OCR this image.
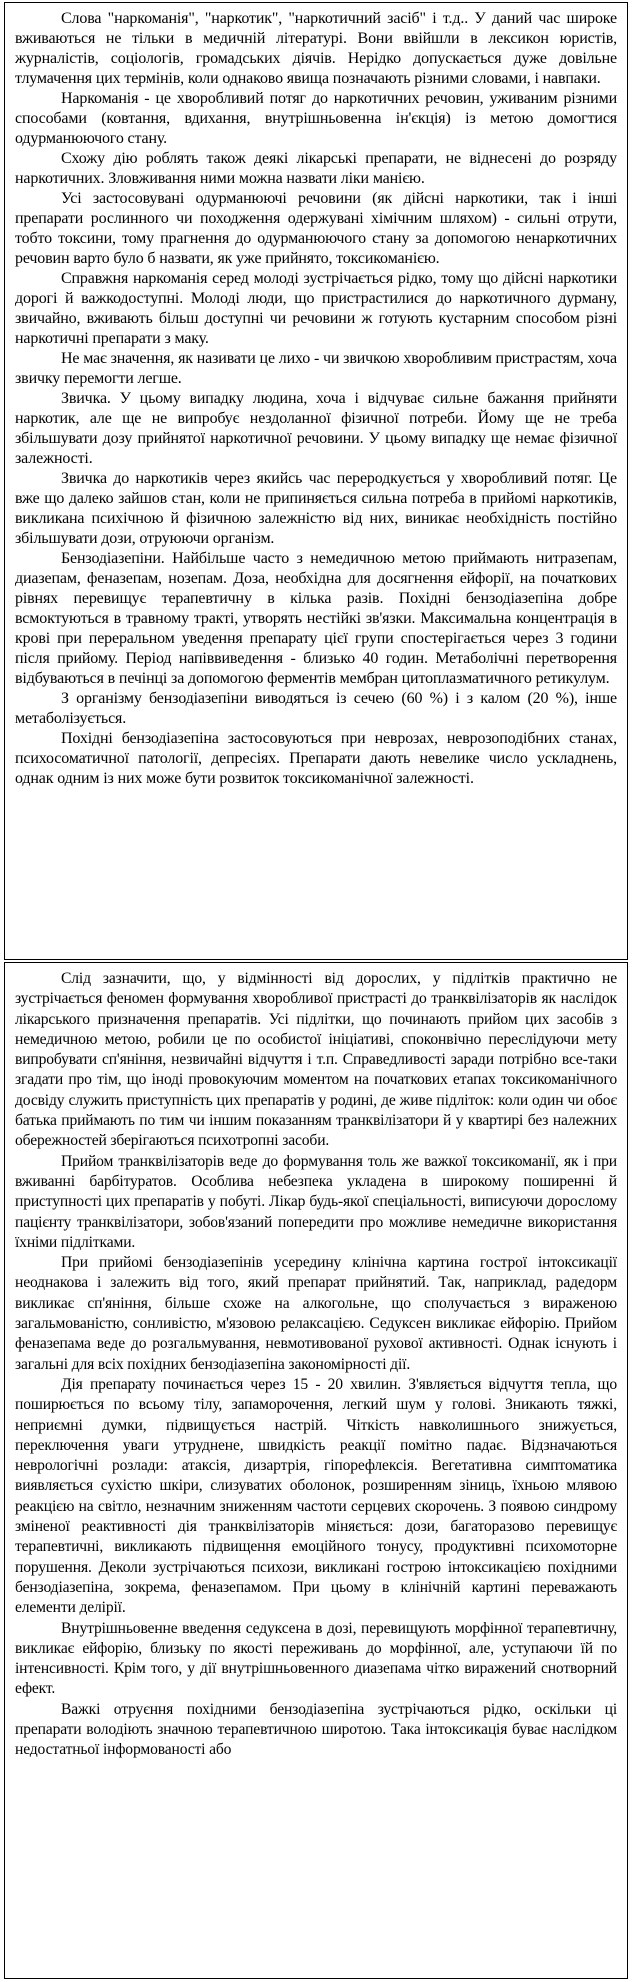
Слова "наркоманія", "наркотик", "наркотичний засіб" і т.д.. У даний час широке вживаються не тільки в медичній літературі. Вони ввійшли в лексикон юристів, журналістів, соціологів, громадських діячів. Нерідко допускається дуже довільне тлумачення цих термінів, коли однаково явища позначають різними словами, і навпаки.

Наркоманія - це хворобливий потяг до наркотичних речовин, уживаним різними способами (ковтання, вдихання, внутрішньовенна ін'єкція) із метою домогтися одурманюючого стану.

Схожу дію роблять також деякі лікарські препарати, не віднесені до розряду наркотичних. Зловживання ними можна назвати ліки манією.

Усі застосовувані одурманюючі речовини (як дійсні наркотики, так і інші препарати рослинного чи походження одержувані хімічним шляхом) - сильні отрути, тобто токсини, тому прагнення до одурманюючого стану за допомогою ненаркотичних речовин варто було б назвати, як уже прийнято, токсикоманією.

Справжня наркоманія серед молоді зустрічається рідко, тому що дійсні наркотики дорогі й важкодоступні. Молоді люди, що пристрастилися до наркотичного дурману, звичайно, вживають більш доступні чи речовини ж готують кустарним способом різні наркотичні препарати з маку.

Не має значення, як називати це лихо - чи звичкою хворобливим пристрастям, хоча звичку перемогти легше.

Звичка. У цьому випадку людина, хоча і відчуває сильне бажання прийняти наркотик, але ще не випробує нездоланної фізичної потреби. Йому ще не треба збільшувати дозу прийнятої наркотичної речовини. У цьому випадку ще немає фізичної залежності.

Звичка до наркотиків через якийсь час переродкується у хворобливий потяг. Це вже що далеко зайшов стан, коли не припиняється сильна потреба в прийомі наркотиків, викликана психічною й фізичною залежністю від них, виникає необхідність постійно збільшувати дози, отруюючи організм.

Бензодіазепіни. Найбільше часто з немедичною метою приймають нитразепам, диазепам, феназепам, нозепам. Доза, необхідна для досягнення ейфорії, на початкових рівнях перевищує терапевтичну в кілька разів. Похідні бензодіазепіна добре всмоктуються в травному тракті, утворять нестійкі зв'язки. Максимальна концентрація в крові при перерaльном уведення препарату цієї групи спостерігається через 3 години після прийому. Період напіввиведення - близько 40 годин. Метаболічні перетворення відбуваються в печінці за допомогою ферментів мембран цитоплазматичного ретикулум.

З організму бензодіазепіни виводяться із сечею (60 %) і з калом (20 %), інше метаболізується.

Похідні бензодіазепіна застосовуються при неврозах, неврозоподібних станах, психосоматичної патології, депресіях. Препарати дають невелике число ускладнень, однак одним із них може бути розвиток токсикоманічної залежності.

Слід зазначити, що, у відмінності від дорослих, у підлітків практично не зустрічається феномен формування хворобливої пристрасті до транквілізаторів як наслідок лікарського призначення препаратів. Усі підлітки, що починають прийом цих засобів з немедичною метою, робили це по особистої ініціативі, споконвічно переслідуючи мету випробувати сп'яніння, незвичайні відчуття і т.п. Справедливості заради потрібно все-таки згадати про тім, що іноді провокуючим моментом на початкових етапах токсикоманічного досвіду служить приступність цих препаратів у родині, де живе підліток: коли один чи обоє батька приймають по тим чи іншим показанням транквілізатори й у квартирі без належних обережностей зберігаються психотропні засоби.

Прийом транквілізаторів веде до формування толь же важкої токсикоманії, як і при вживанні барбітуратов. Особлива небезпека укладена в широкому поширенні й приступності цих препаратів у побуті. Лікар будь-якої спеціальності, виписуючи дорослому пацієнту транквілізатори, зобов'язаний попередити про можливе немедичне використання їхніми підлітками.

При прийомі бензодіазепінів усередину клінічна картина гострої інтоксикації неоднакова і залежить від того, який препарат прийнятий. Так, наприклад, радедорм викликає сп'яніння, більше схоже на алкогольне, що сполучається з вираженою загальмованістю, сонливістю, м'язовою релаксацією. Седуксен викликає ейфорію. Прийом феназепама веде до розгальмування, невмотивованої рухової активності. Однак існують і загальні для всіх похідних бензодіазепіна закономірності дії.

Дія препарату починається через 15 - 20 хвилин. З'являється відчуття тепла, що поширюється по всьому тілу, запаморочення, легкий шум у голові. Зникають тяжкі, неприємні думки, підвищується настрій. Чіткість навколишнього знижується, переключення уваги утруднене, швидкість реакції помітно падає. Відзначаються неврологічні розлади: атаксія, дизартрія, гіпорефлексія. Вегетативна симптоматика виявляється сухістю шкіри, слизуватих оболонок, розширенням зіниць, їхньою млявою реакцією на світло, незначним зниженням частоти серцевих скорочень. З появою синдрому зміненої реактивності дія транквілізаторів міняється: дози, багаторазово перевищує терапевтичні, викликають підвищення емоційного тонусу, продуктивні психомоторне порушення. Деколи зустрічаються психози, викликані гострою інтоксикацією похідними бензодіазепіна, зокрема, феназепамом. При цьому в клінічній картині переважають елементи делірії.

Внутрішньовенне введення седуксена в дозі, перевищують морфінної терапевтичну, викликає ейфорію, близьку по якості переживань до морфінної, але, уступаючи їй по інтенсивності. Крім того, у дії внутрішньовенного диазепама чітко виражений снотворний ефект.

Важкі отруєння похідними бензодіазепіна зустрічаються рідко, оскільки ці препарати володіють значною терапевтичною широтою. Така інтоксикація буває наслідком недостатньої інформованості або
